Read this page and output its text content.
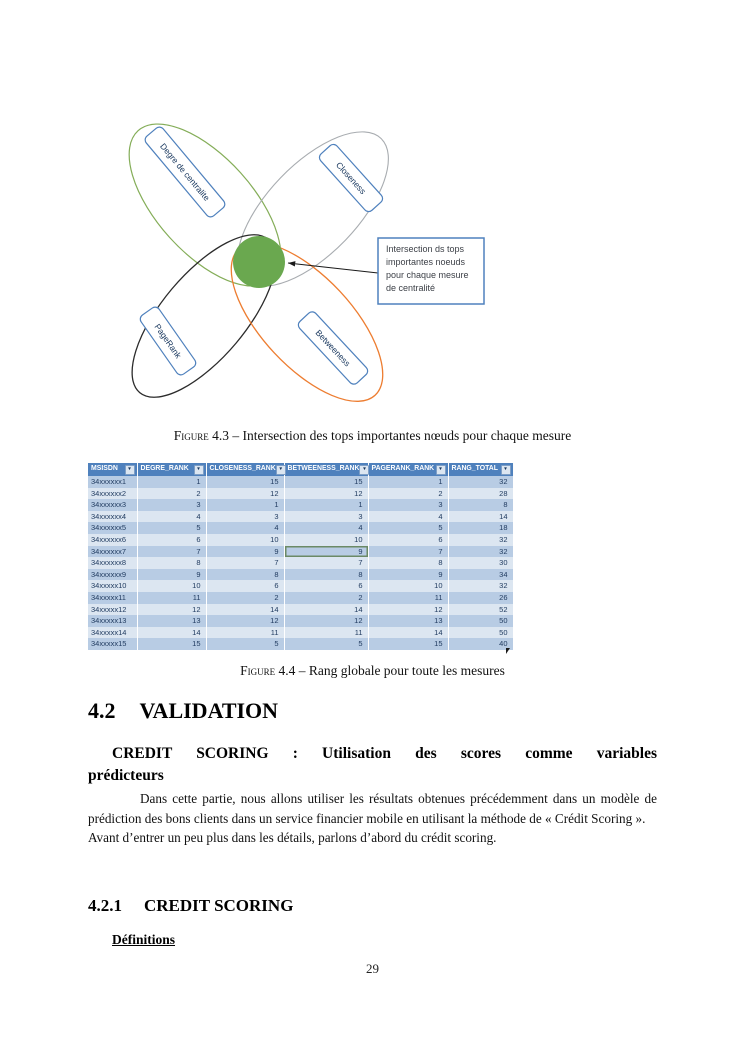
Degre de centralite	Closeness
PageRank	Betweeness
Intersection ds tops importantes noeuds pour chaque mesure de centralité
Figure 4.3 – Intersection des tops importantes nœuds pour chaque mesure
MSISDN ▾	DEGRE_RANK ▾	CLOSENESS_RANK ▾	BETWEENESS_RANK ▾	PAGERANK_RANK ▾	RANG_TOTAL ▾

34xxxxxx1	1	15	15	1	32
34xxxxxx2	2	12	12	2	28
34xxxxxx3	3	1	1	3	8
34xxxxxx4	4	3	3	4	14
34xxxxxx5	5	4	4	5	18
34xxxxxx6	6	10	10	6	32
34xxxxxx7	7	9	9	7	32
34xxxxxx8	8	7	7	8	30
34xxxxxx9	9	8	8	9	34
34xxxxx10	10	6	6	10	32
34xxxxx11	11	2	2	11	26
34xxxxx12	12	14	14	12	52
34xxxxx13	13	12	12	13	50
34xxxxx14	14	11	11	14	50
34xxxxx15	15	5	5	15	40
Figure 4.4 – Rang globale pour toute les mesures
4.2 VALIDATION
CREDIT SCORING : Utilisation des scores comme variables
prédicteurs

Dans cette partie, nous allons utiliser les résultats obtenues précédemment dans un modèle de prédiction des bons clients dans un service financier mobile en utilisant la méthode de « Crédit Scoring ».

Avant d’entrer un peu plus dans les détails, parlons d’abord du crédit scoring.

4.2.1 CREDIT SCORING
Définitions
29
